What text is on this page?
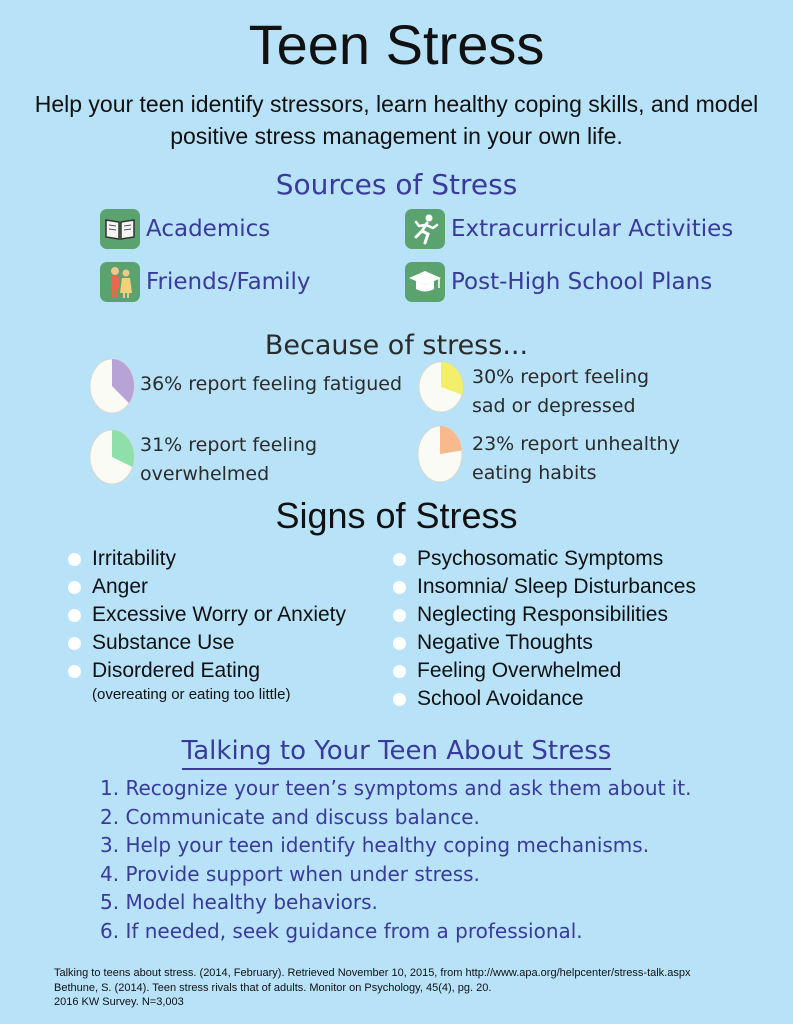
Teen Stress
Help your teen identify stressors, learn healthy coping skills, and model positive stress management in your own life.
Sources of Stress
Academics	Extracurricular Activities
Friends/Family	Post-High School Plans
Because of stress...
36% report feeling fatigued	30% report feeling
sad or depressed
31% report feeling
overwhelmed
23% report unhealthy
eating habits
Signs of Stress
Irritability
Anger
Excessive Worry or Anxiety
Substance Use
Disordered Eating
(overeating or eating too little)
Psychosomatic Symptoms
Insomnia/ Sleep Disturbances
Neglecting Responsibilities
Negative Thoughts
Feeling Overwhelmed
School Avoidance
Talking to Your Teen About Stress
1. Recognize your teen’s symptoms and ask them about it.
2. Communicate and discuss balance.
3. Help your teen identify healthy coping mechanisms.
4. Provide support when under stress.
5. Model healthy behaviors.
6. If needed, seek guidance from a professional.
Talking to teens about stress. (2014, February). Retrieved November 10, 2015, from http://www.apa.org/helpcenter/stress-talk.aspx
Bethune, S. (2014). Teen stress rivals that of adults. Monitor on Psychology, 45(4), pg. 20.
2016 KW Survey. N=3,003
